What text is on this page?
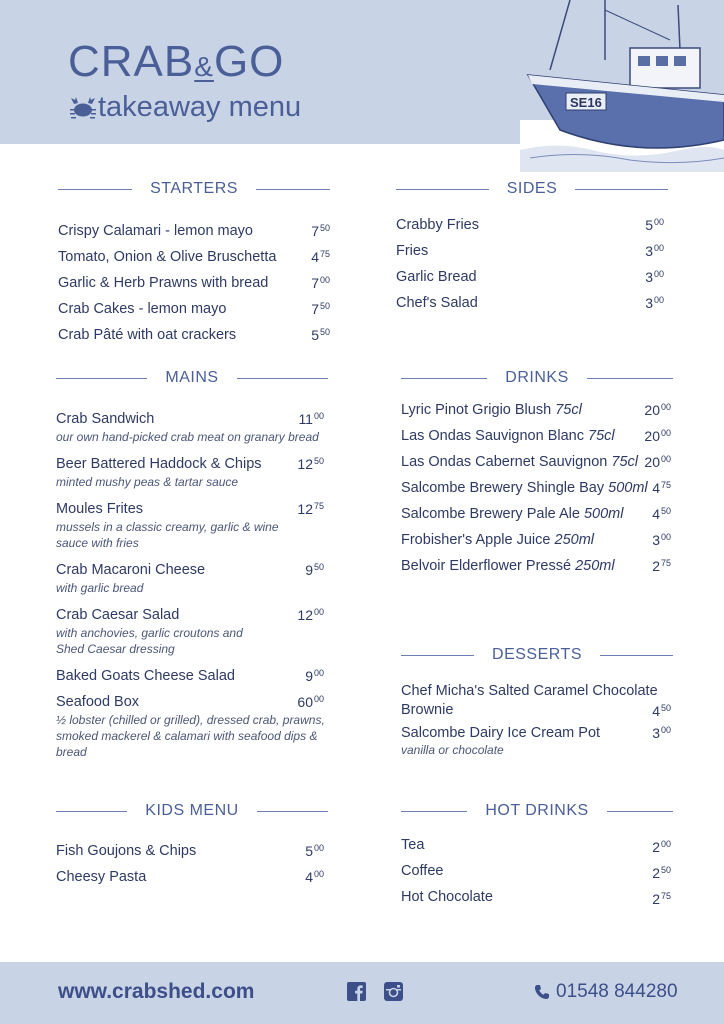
CRAB&GO
takeaway menu	SE16
STARTERS
Crispy Calamari - lemon mayo	$7^{50}$
Tomato, Onion & Olive Bruschetta $4^{75}$
Garlic & Herb Prawns with bread	$7^{00}$
Crab Cakes - lemon mayo	$7^{50}$
Crab Pâté with oat crackers	$5^{50}$
SIDES
Crabby Fries	$5^{00}$
Fries	$3^{00}$
Garlic Bread	$3^{00}$
Chef's Salad	$3^{00}$
MAINS
Crab Sandwich	$11^{00}$
our own hand-picked crab meat on granary bread
Beer Battered Haddock & Chips	$12^{50}$
minted mushy peas & tartar sauce
Moules Frites	$12^{75}$
mussels in a classic creamy, garlic & wine sauce with fries
Crab Macaroni Cheese	$9^{50}$
with garlic bread
Crab Caesar Salad	$12^{00}$
with anchovies, garlic croutons and Shed Caesar dressing
Baked Goats Cheese Salad	$9^{00}$
Seafood Box	$60^{00}$
½ lobster (chilled or grilled), dressed crab, prawns, smoked mackerel & calamari with seafood dips & bread
DRINKS
Lyric Pinot Grigio Blush 75cl	$20^{00}$
Las Ondas Sauvignon Blanc 75cl $20^{00}$
Las Ondas Cabernet Sauvignon 75cl $20^{00}$
Salcombe Brewery Shingle Bay 500ml $4^{75}$
Salcombe Brewery Pale Ale 500ml $4^{50}$
Frobisher's Apple Juice 250ml	$3^{00}$
Belvoir Elderflower Pressé 250ml	$2^{75}$
DESSERTS
Chef Micha's Salted Caramel Chocolate
Brownie	$4^{50}$
Salcombe Dairy Ice Cream Pot	$3^{00}$
vanilla or chocolate
KIDS MENU
Fish Goujons & Chips	$5^{00}$
Cheesy Pasta	$4^{00}$
HOT DRINKS
Tea	$2^{00}$
Coffee	$2^{50}$
Hot Chocolate	$2^{75}$
www.crabshed.com	01548 844280
